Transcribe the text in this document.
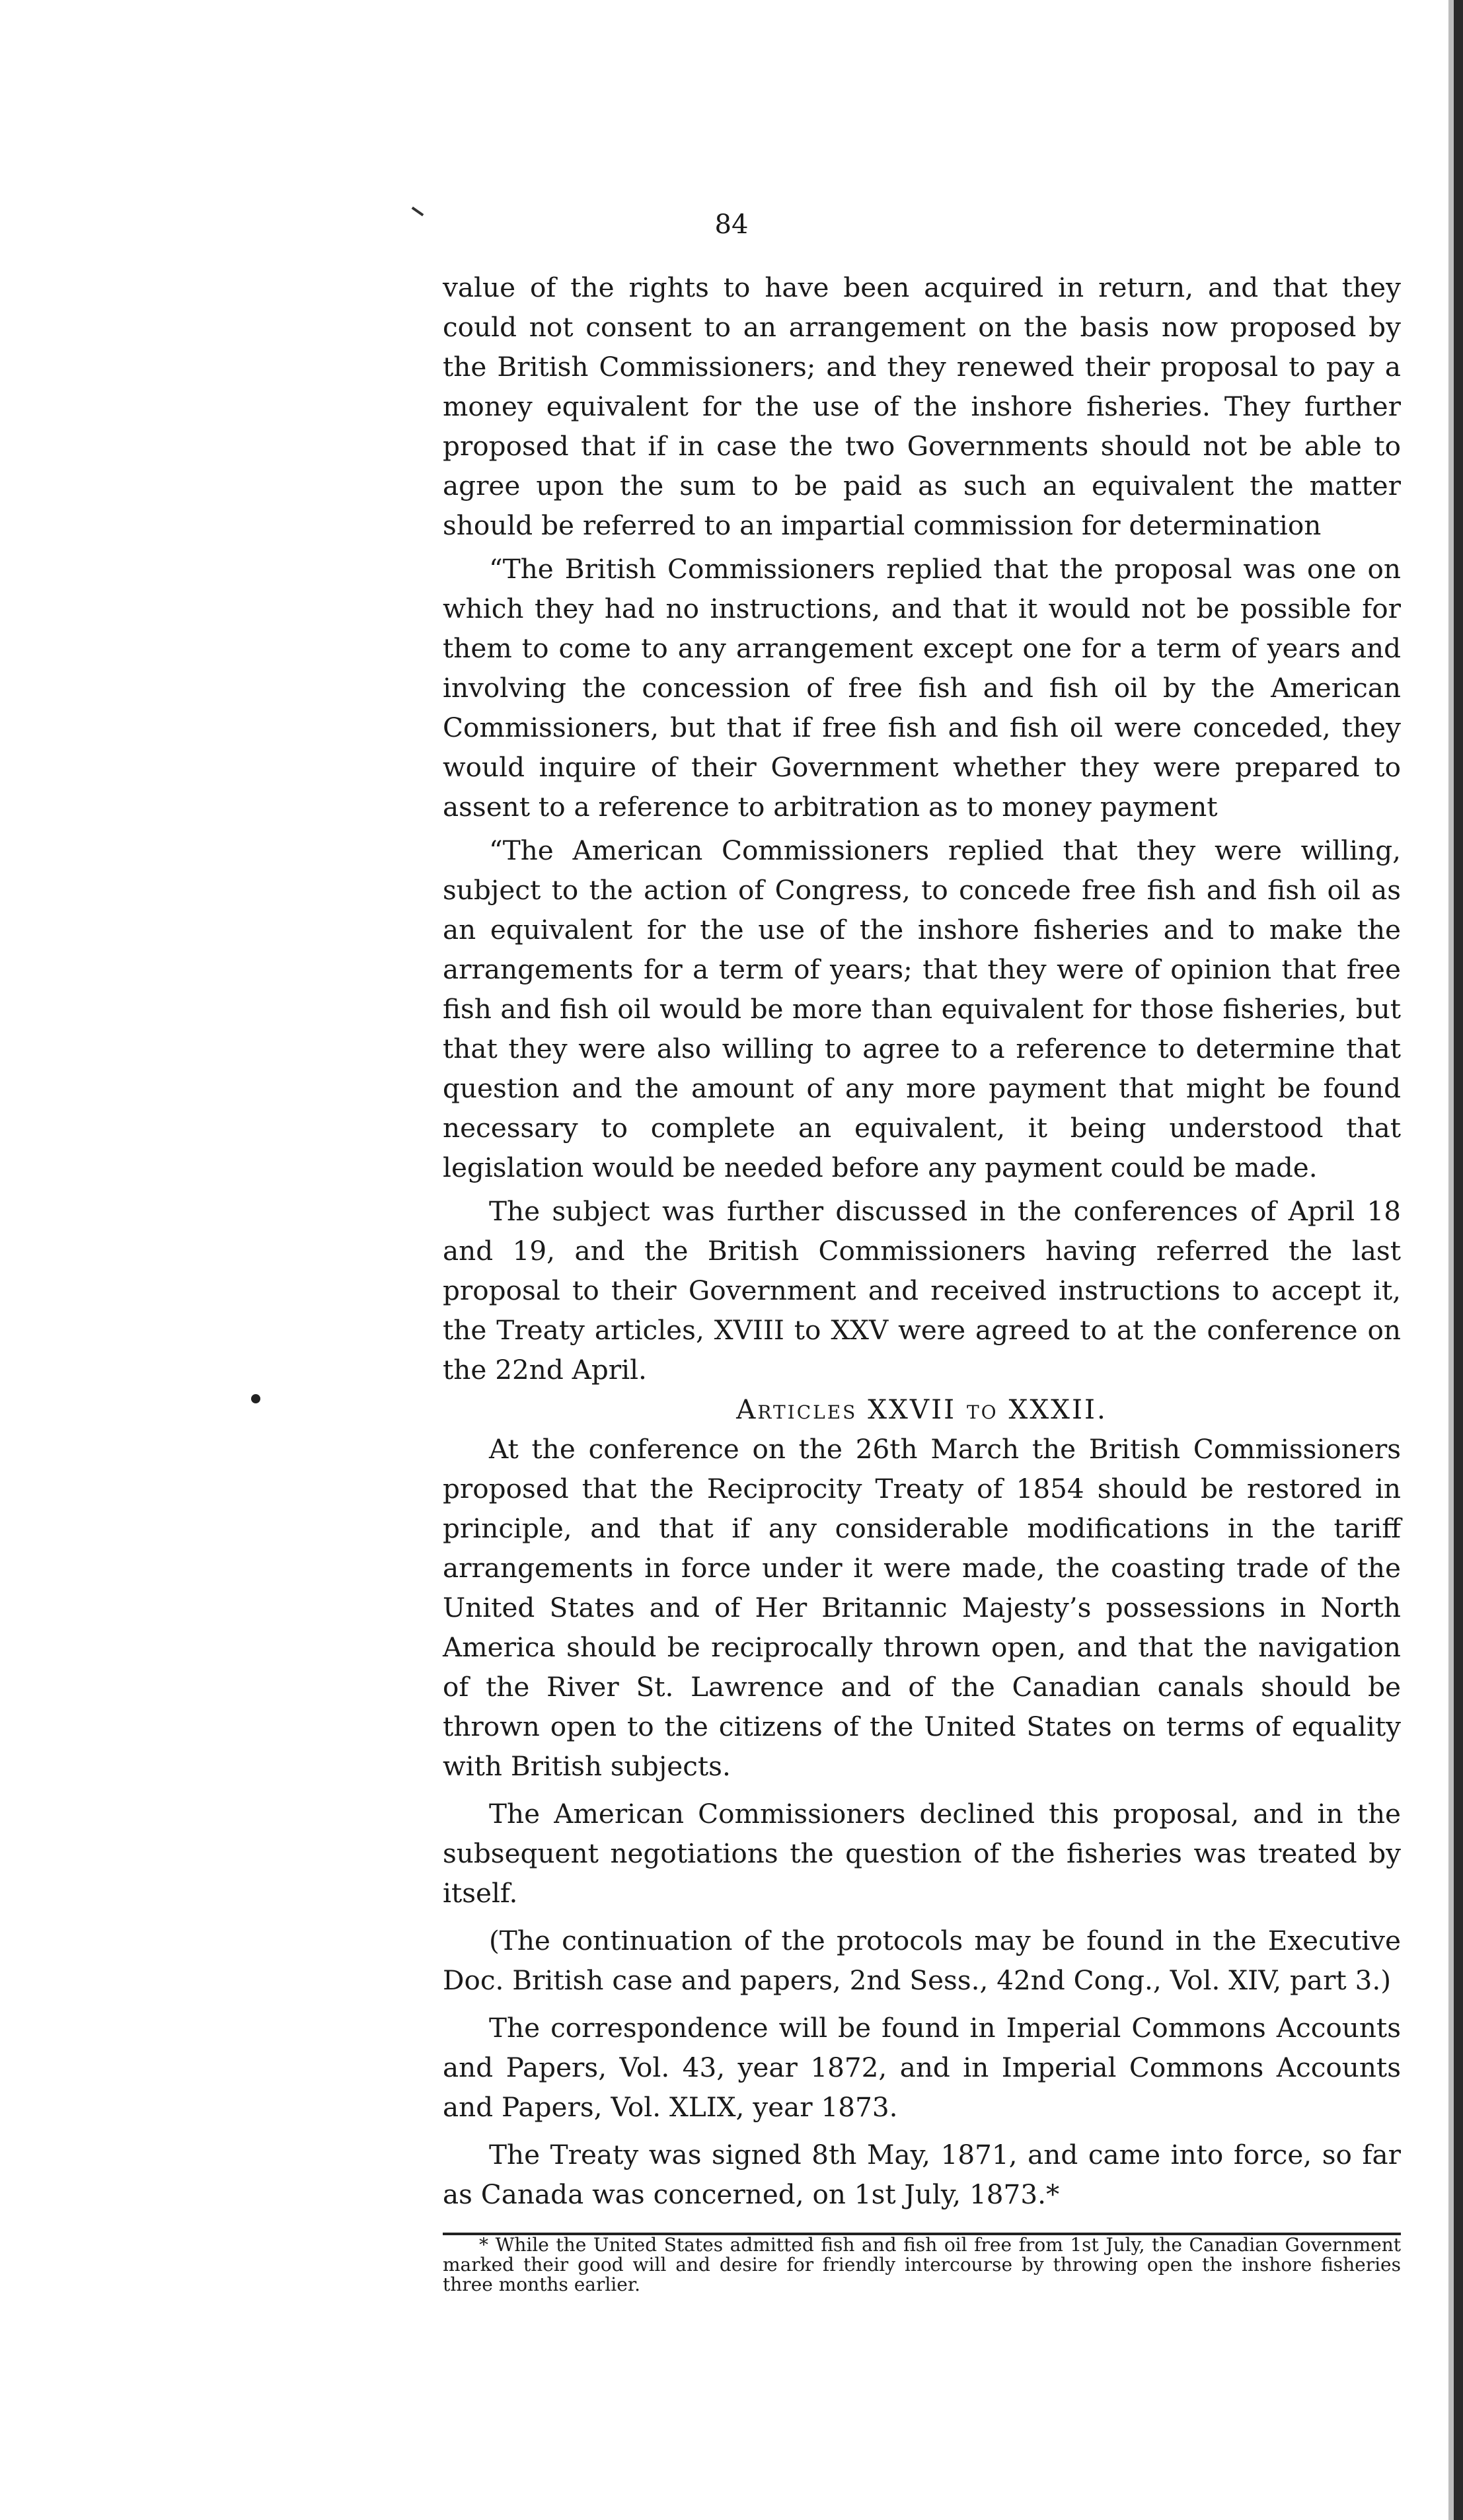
84

value of the rights to have been acquired in return, and that they could not consent to an arrangement on the basis now proposed by the British Commissioners; and they renewed their proposal to pay a money equivalent for the use of the inshore fisheries. They further proposed that if in case the two Governments should not be able to agree upon the sum to be paid as such an equivalent the matter should be referred to an impartial commission for determination

“The British Commissioners replied that the proposal was one on which they had no instructions, and that it would not be possible for them to come to any arrangement except one for a term of years and involving the concession of free fish and fish oil by the American Commissioners, but that if free fish and fish oil were conceded, they would inquire of their Government whether they were prepared to assent to a reference to arbitration as to money payment

“The American Commissioners replied that they were willing, subject to the action of Congress, to concede free fish and fish oil as an equivalent for the use of the inshore fisheries and to make the arrangements for a term of years; that they were of opinion that free fish and fish oil would be more than equivalent for those fisheries, but that they were also willing to agree to a reference to determine that question and the amount of any more payment that might be found necessary to complete an equivalent, it being understood that legislation would be needed before any payment could be made.

The subject was further discussed in the conferences of April 18 and 19, and the British Commissioners having referred the last proposal to their Government and received instructions to accept it, the Treaty articles, XVIII to XXV were agreed to at the conference on the 22nd April.

Articles XXVII to XXXII.

At the conference on the 26th March the British Commissioners proposed that the Reciprocity Treaty of 1854 should be restored in principle, and that if any considerable modifications in the tariff arrangements in force under it were made, the coasting trade of the United States and of Her Britannic Majesty’s possessions in North America should be reciprocally thrown open, and that the navigation of the River St. Lawrence and of the Canadian canals should be thrown open to the citizens of the United States on terms of equality with British subjects.

The American Commissioners declined this proposal, and in the subsequent negotiations the question of the fisheries was treated by itself.

(The continuation of the protocols may be found in the Executive Doc. British case and papers, 2nd Sess., 42nd Cong., Vol. XIV, part 3.)

The correspondence will be found in Imperial Commons Accounts and Papers, Vol. 43, year 1872, and in Imperial Commons Accounts and Papers, Vol. XLIX, year 1873.

The Treaty was signed 8th May, 1871, and came into force, so far as Canada was concerned, on 1st July, 1873.*

* While the United States admitted fish and fish oil free from 1st July, the Canadian Government marked their good will and desire for friendly intercourse by throwing open the inshore fisheries three months earlier.
